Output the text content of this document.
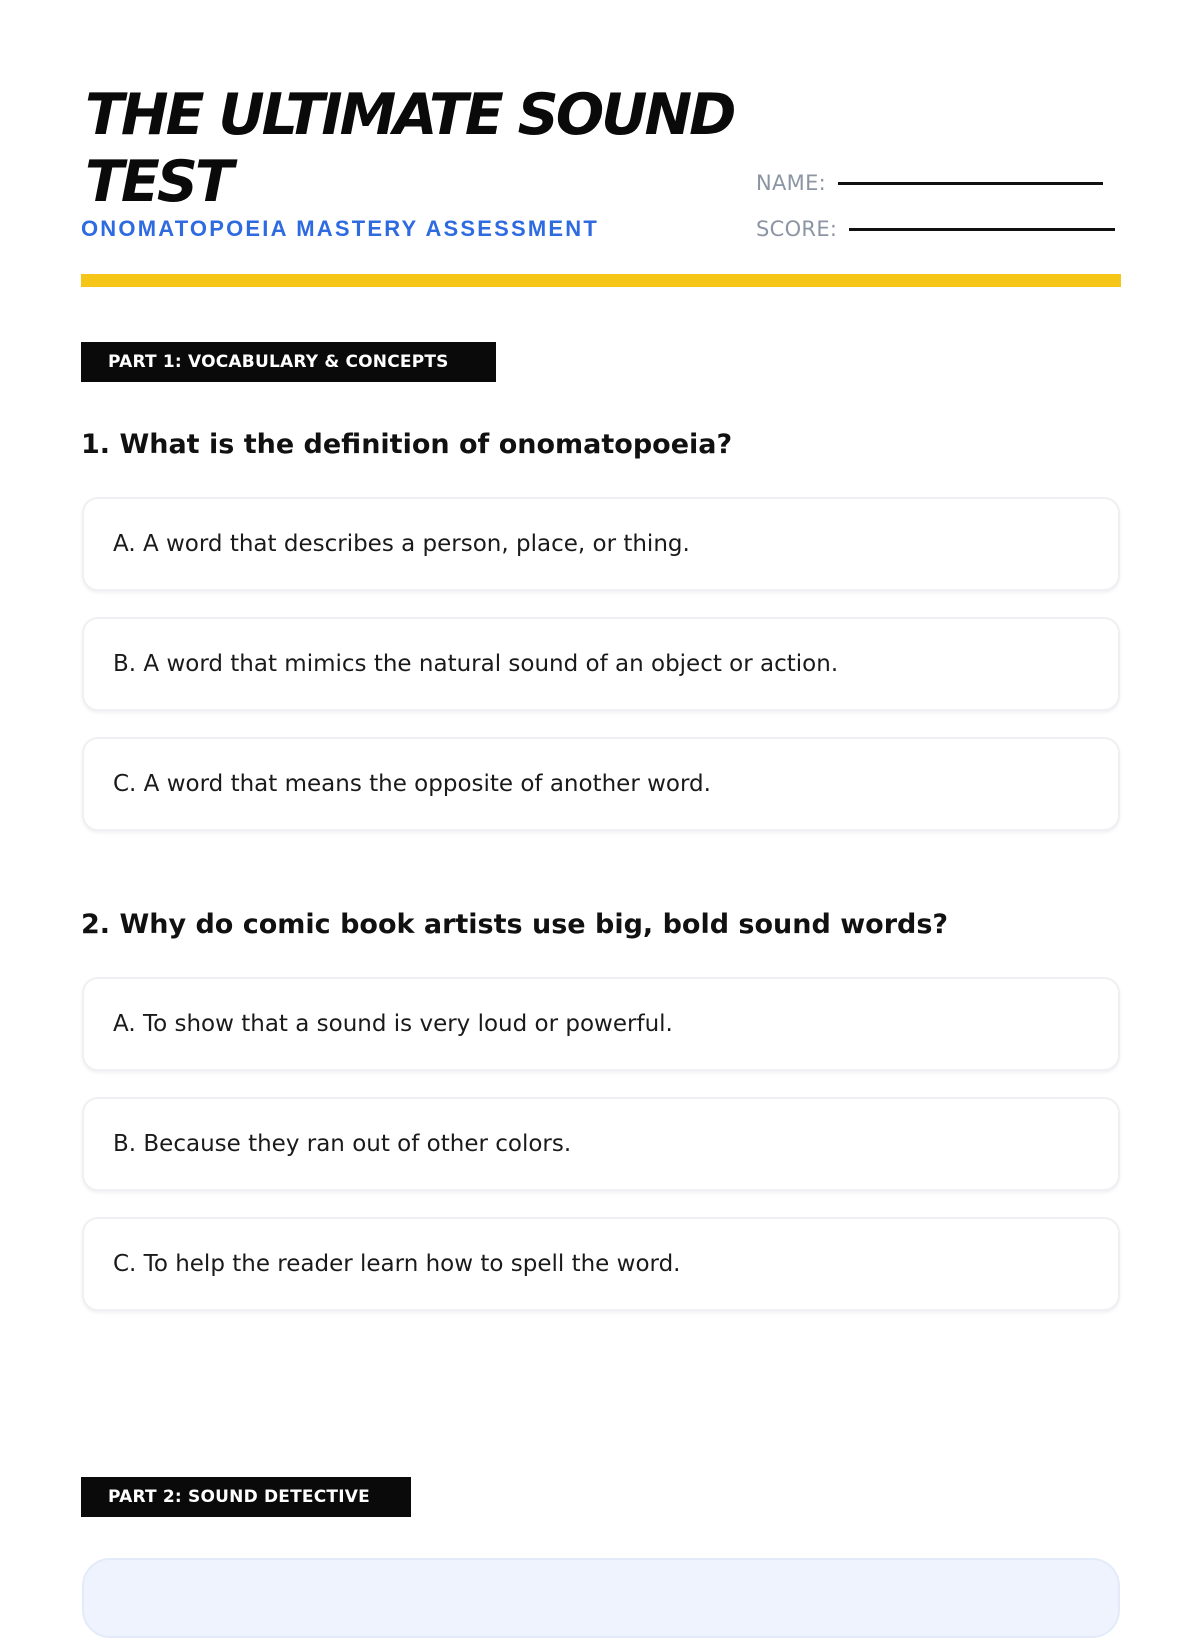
THE ULTIMATE SOUND TEST
ONOMATOPOEIA MASTERY ASSESSMENT
NAME:
SCORE:
PART 1: VOCABULARY & CONCEPTS
1. What is the definition of onomatopoeia?
A. A word that describes a person, place, or thing.
B. A word that mimics the natural sound of an object or action.
C. A word that means the opposite of another word.
2. Why do comic book artists use big, bold sound words?
A. To show that a sound is very loud or powerful.
B. Because they ran out of other colors.
C. To help the reader learn how to spell the word.
PART 2: SOUND DETECTIVE
